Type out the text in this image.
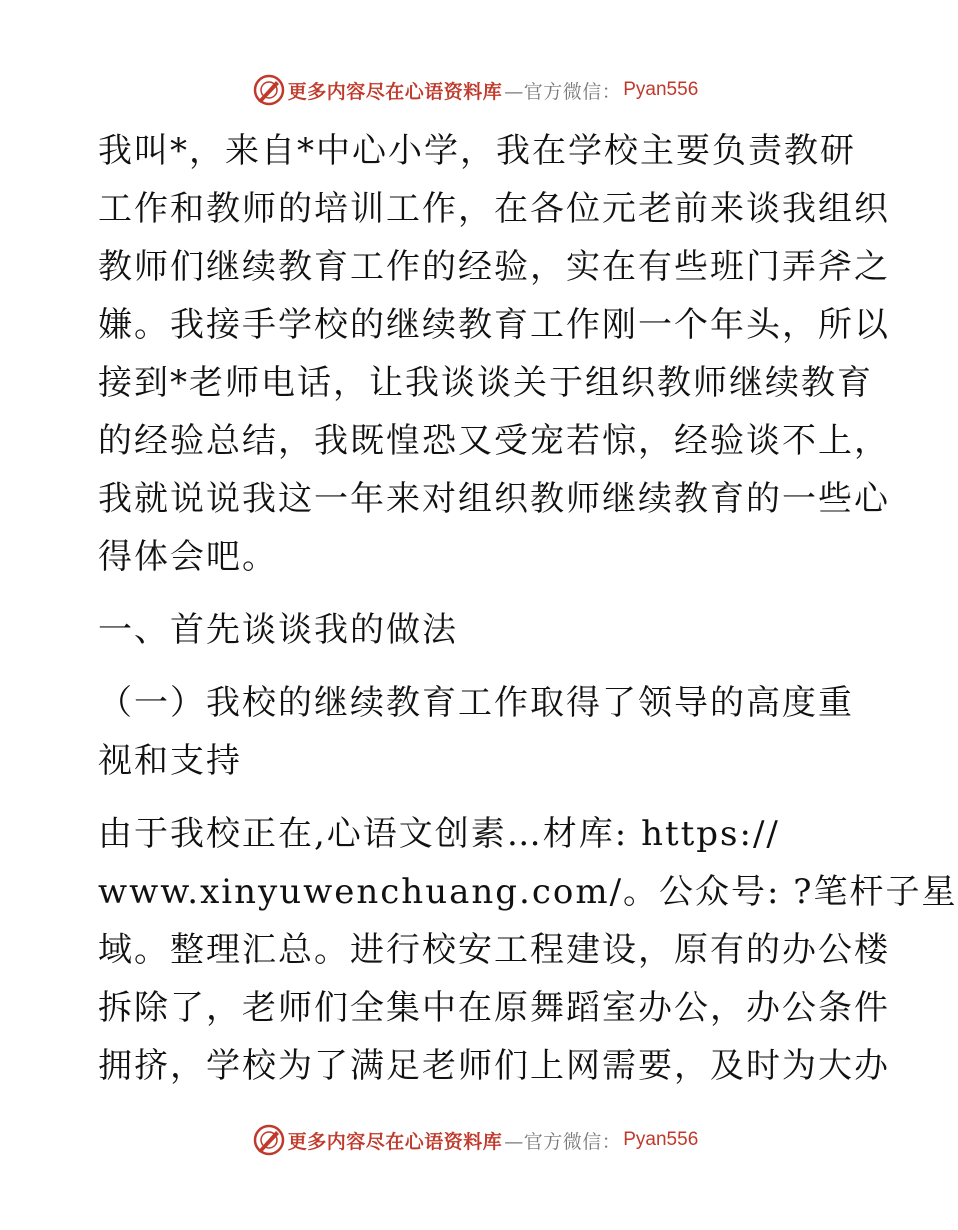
更多内容尽在心语资料库 —官方微信： Pyan556
我叫*，来自*中心小学，我在学校主要负责教研
工作和教师的培训工作，在各位元老前来谈我组织
教师们继续教育工作的经验，实在有些班门弄斧之
嫌。我接手学校的继续教育工作刚一个年头，所以
接到*老师电话，让我谈谈关于组织教师继续教育
的经验总结，我既惶恐又受宠若惊，经验谈不上，
我就说说我这一年来对组织教师继续教育的一些心
得体会吧。
一、首先谈谈我的做法
（一）我校的继续教育工作取得了领导的高度重
视和支持
由于我校正在,心语文创素…材库: https://
www.xinyuwenchuang.com/。公众号: ?笔杆子星
域。整理汇总。进行校安工程建设，原有的办公楼
拆除了，老师们全集中在原舞蹈室办公，办公条件
拥挤，学校为了满足老师们上网需要，及时为大办
更多内容尽在心语资料库 —官方微信： Pyan556
